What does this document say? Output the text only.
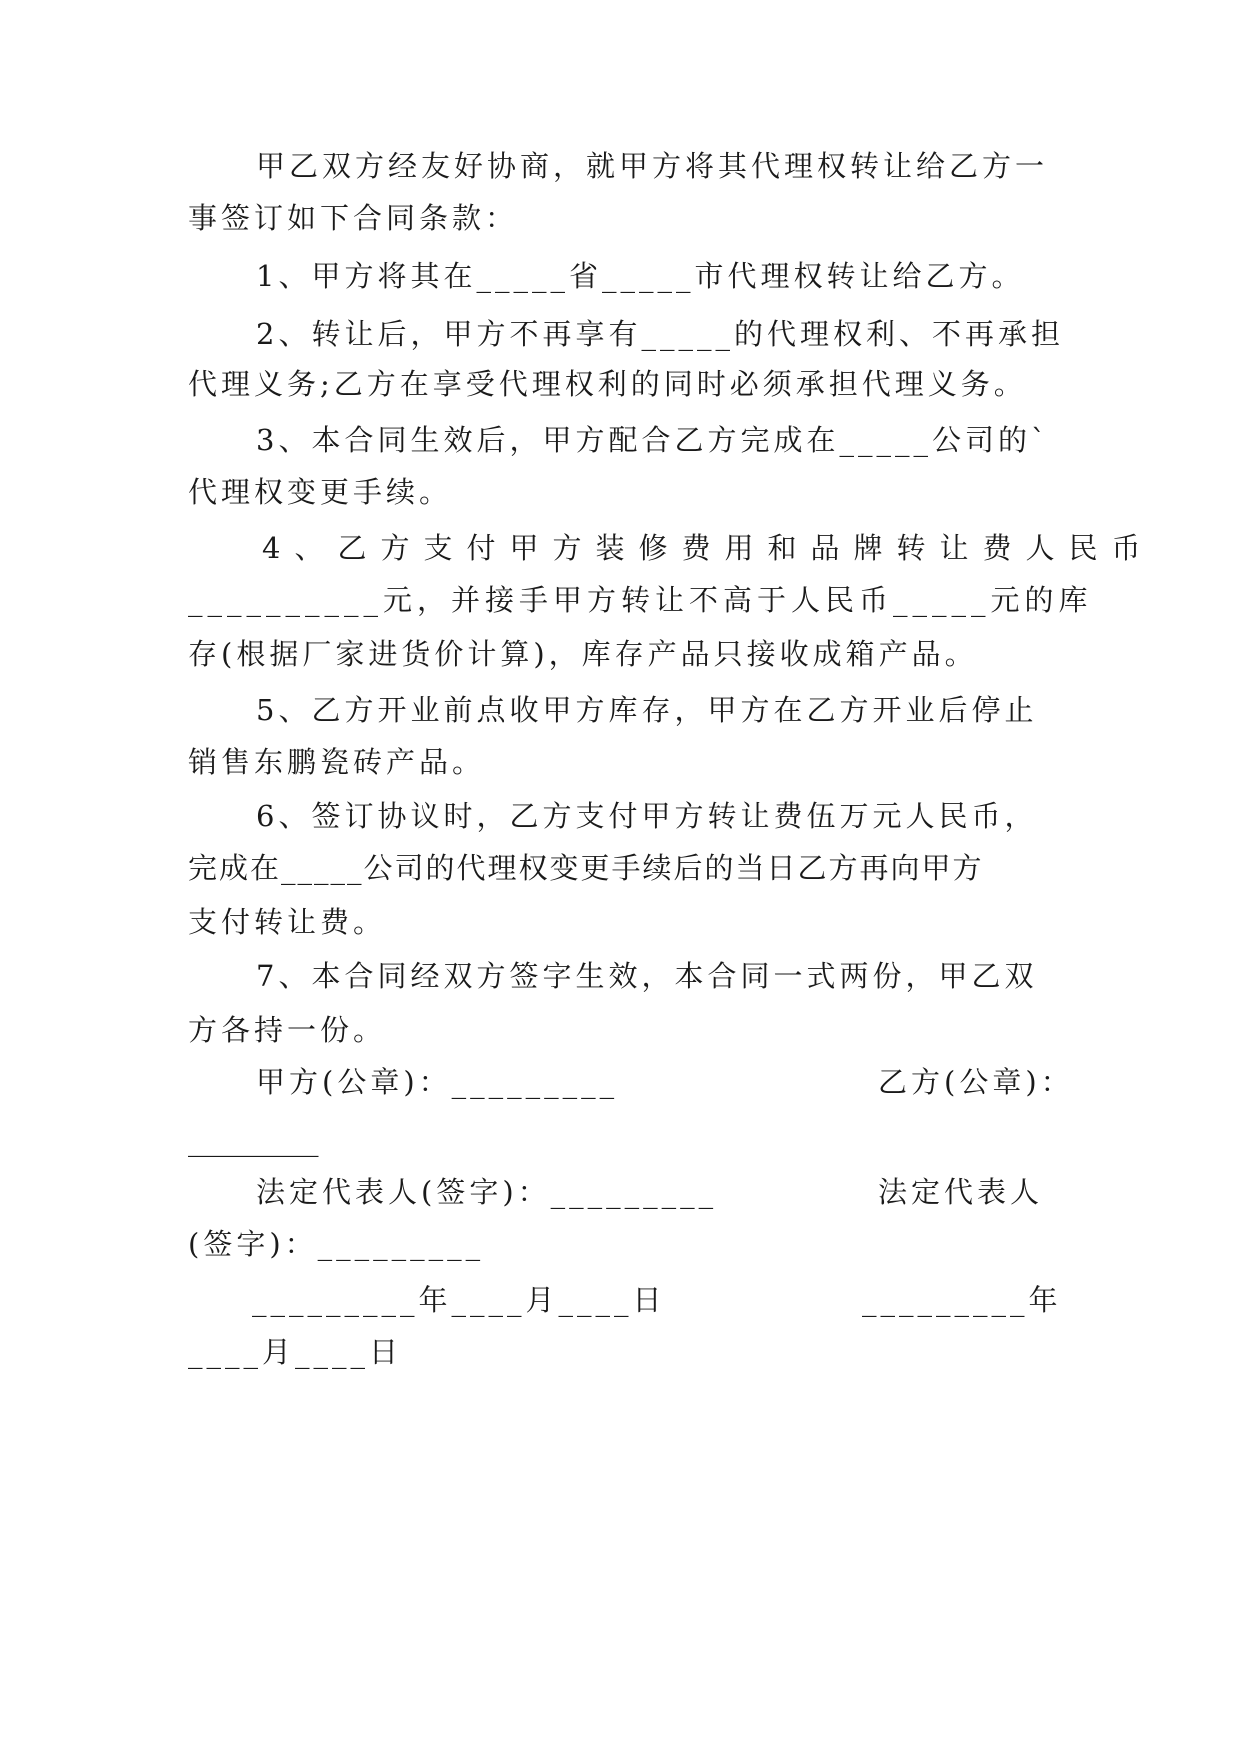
甲乙双方经友好协商，就甲方将其代理权转让给乙方一
事签订如下合同条款：
1、甲方将其在_____省_____市代理权转让给乙方。
2、转让后，甲方不再享有_____的代理权利、不再承担
代理义务;乙方在享受代理权利的同时必须承担代理义务。
3、本合同生效后，甲方配合乙方完成在_____公司的`
代理权变更手续。
4、乙方支付甲方装修费用和品牌转让费人民币
__________元，并接手甲方转让不高于人民币_____元的库
存(根据厂家进货价计算)，库存产品只接收成箱产品。
5、乙方开业前点收甲方库存，甲方在乙方开业后停止
销售东鹏瓷砖产品。
6、签订协议时，乙方支付甲方转让费伍万元人民币，
完成在_____公司的代理权变更手续后的当日乙方再向甲方
支付转让费。
7、本合同经双方签字生效，本合同一式两份，甲乙双
方各持一份。
甲方(公章)：_________	乙方(公章)：
_________
法定代表人(签字)：_________	法定代表人
(签字)：_________
_________年____月____日	_________年
____月____日
